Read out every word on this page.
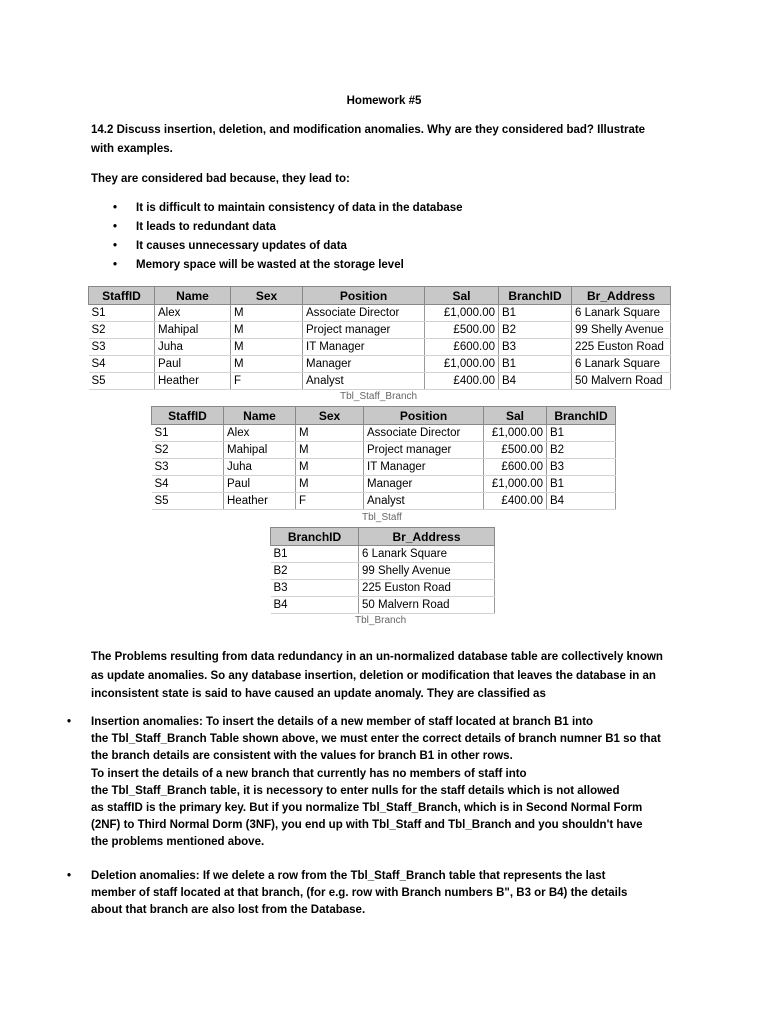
Homework #5
14.2 Discuss insertion, deletion, and modification anomalies. Why are they considered bad? Illustrate
with examples.
They are considered bad because, they lead to:
• It is difficult to maintain consistency of data in the database
• It leads to redundant data
• It causes unnecessary updates of data
• Memory space will be wasted at the storage level
StaffID	Name	Sex	Position	Sal	BranchID	Br_Address
S1	Alex	M	Associate Director	£1,000.00	B1	6 Lanark Square
S2	Mahipal	M	Project manager	£500.00	B2	99 Shelly Avenue
S3	Juha	M	IT Manager	£600.00	B3	225 Euston Road
S4	Paul	M	Manager	£1,000.00	B1	6 Lanark Square
S5	Heather	F	Analyst	£400.00	B4	50 Malvern Road
Tbl_Staff_Branch
StaffID	Name	Sex	Position	Sal	BranchID
S1	Alex	M	Associate Director	£1,000.00	B1
S2	Mahipal	M	Project manager	£500.00	B2
S3	Juha	M	IT Manager	£600.00	B3
S4	Paul	M	Manager	£1,000.00	B1
S5	Heather	F	Analyst	£400.00	B4
Tbl_Staff
BranchID	Br_Address
B1	6 Lanark Square
B2	99 Shelly Avenue
B3	225 Euston Road
B4	50 Malvern Road
Tbl_Branch
The Problems resulting from data redundancy in an un-normalized database table are collectively known
as update anomalies. So any database insertion, deletion or modification that leaves the database in an
inconsistent state is said to have caused an update anomaly. They are classified as
• Insertion anomalies: To insert the details of a new member of staff located at branch B1 into
the Tbl_Staff_Branch Table shown above, we must enter the correct details of branch numner B1 so that
the branch details are consistent with the values for branch B1 in other rows.
To insert the details of a new branch that currently has no members of staff into
the Tbl_Staff_Branch table, it is necessory to enter nulls for the staff details which is not allowed
as staffID is the primary key. But if you normalize Tbl_Staff_Branch, which is in Second Normal Form
(2NF) to Third Normal Dorm (3NF), you end up with Tbl_Staff and Tbl_Branch and you shouldn't have
the problems mentioned above.
• Deletion anomalies: If we delete a row from the Tbl_Staff_Branch table that represents the last
member of staff located at that branch, (for e.g. row with Branch numbers B", B3 or B4) the details
about that branch are also lost from the Database.
